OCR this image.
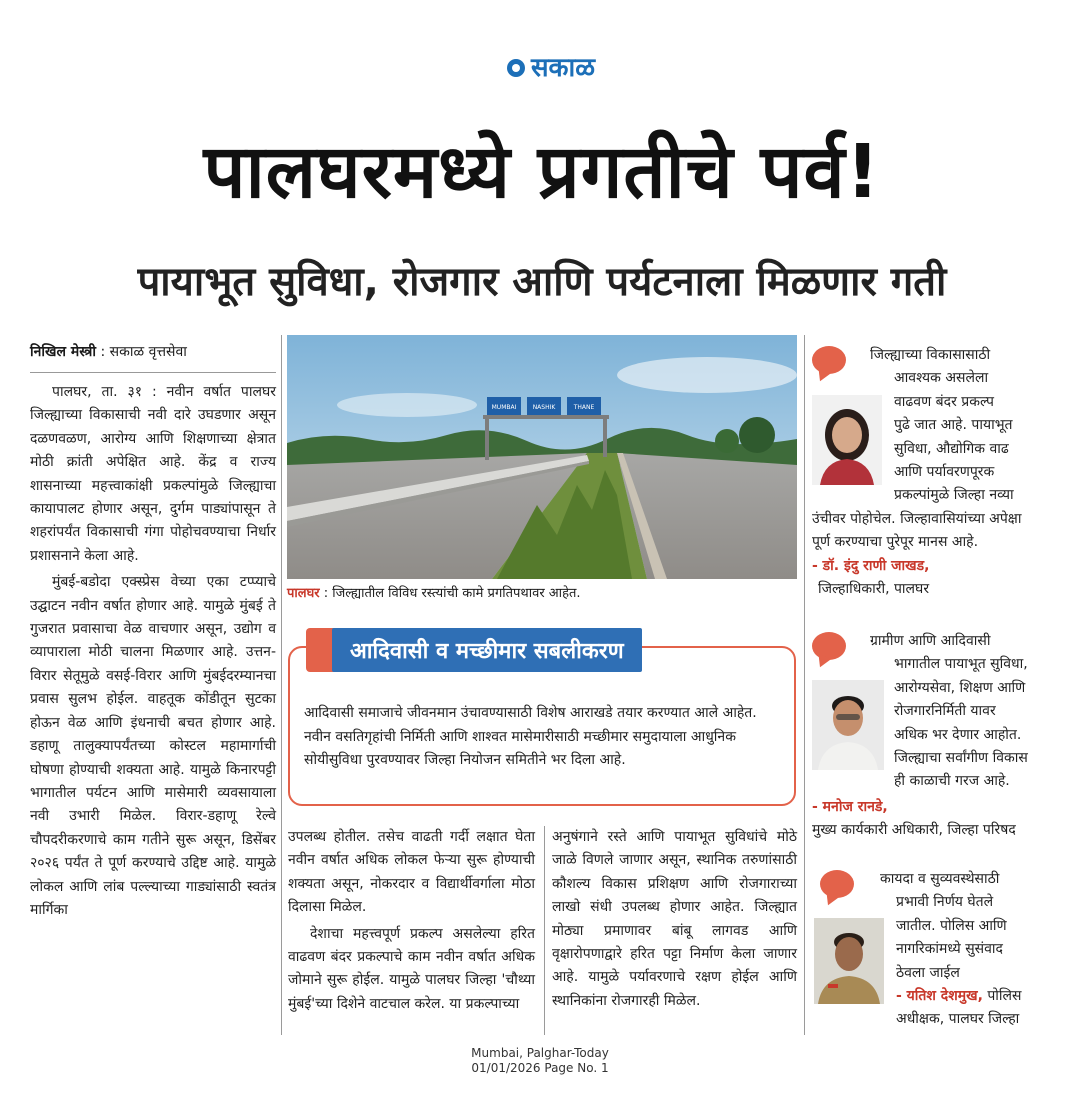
सकाळ
पालघरमध्ये प्रगतीचे पर्व!
पायाभूत सुविधा, रोजगार आणि पर्यटनाला मिळणार गती
निखिल मेस्त्री : सकाळ वृत्तसेवा

पालघर, ता. ३१ : नवीन वर्षात पालघर जिल्ह्याच्या विकासाची नवी दारे उघडणार असून दळणवळण, आरोग्य आणि शिक्षणाच्या क्षेत्रात मोठी क्रांती अपेक्षित आहे. केंद्र व राज्य शासनाच्या महत्त्वाकांक्षी प्रकल्पांमुळे जिल्ह्याचा कायापालट होणार असून, दुर्गम पाड्यांपासून ते शहरांपर्यंत विकासाची गंगा पोहोचवण्याचा निर्धार प्रशासनाने केला आहे.

मुंबई-बडोदा एक्स्प्रेस वेच्या एका टप्प्याचे उद्घाटन नवीन वर्षात होणार आहे. यामुळे मुंबई ते गुजरात प्रवासाचा वेळ वाचणार असून, उद्योग व व्यापाराला मोठी चालना मिळणार आहे. उत्तन-विरार सेतूमुळे वसई-विरार आणि मुंबईदरम्यानचा प्रवास सुलभ होईल. वाहतूक कोंडीतून सुटका होऊन वेळ आणि इंधनाची बचत होणार आहे. डहाणू तालुक्यापर्यंतच्या कोस्टल महामार्गाची घोषणा होण्याची शक्यता आहे. यामुळे किनारपट्टी भागातील पर्यटन आणि मासेमारी व्यवसायाला नवी उभारी मिळेल. विरार-डहाणू रेल्वे चौपदरीकरणाचे काम गतीने सुरू असून, डिसेंबर २०२६ पर्यंत ते पूर्ण करण्याचे उद्दिष्ट आहे. यामुळे लोकल आणि लांब पल्ल्याच्या गाड्यांसाठी स्वतंत्र मार्गिका

MUMBAI	NASHIK	THANE
पालघर : जिल्ह्यातील विविध रस्त्यांची कामे प्रगतिपथावर आहेत.
आदिवासी व मच्छीमार सबलीकरण
आदिवासी समाजाचे जीवनमान उंचावण्यासाठी विशेष आराखडे तयार करण्यात आले आहेत. नवीन वसतिगृहांची निर्मिती आणि शाश्वत मासेमारीसाठी मच्छीमार समुदायाला आधुनिक सोयीसुविधा पुरवण्यावर जिल्हा नियोजन समितीने भर दिला आहे.

उपलब्ध होतील. तसेच वाढती गर्दी लक्षात घेता नवीन वर्षात अधिक लोकल फेऱ्या सुरू होण्याची शक्यता असून, नोकरदार व विद्यार्थीवर्गाला मोठा दिलासा मिळेल.

देशाचा महत्त्वपूर्ण प्रकल्प असलेल्या हरित वाढवण बंदर प्रकल्पाचे काम नवीन वर्षात अधिक जोमाने सुरू होईल. यामुळे पालघर जिल्हा 'चौथ्या मुंबई'च्या दिशेने वाटचाल करेल. या प्रकल्पाच्या

अनुषंगाने रस्ते आणि पायाभूत सुविधांचे मोठे जाळे विणले जाणार असून, स्थानिक तरुणांसाठी कौशल्य विकास प्रशिक्षण आणि रोजगाराच्या लाखो संधी उपलब्ध होणार आहेत. जिल्ह्यात मोठ्या प्रमाणावर बांबू लागवड आणि वृक्षारोपणाद्वारे हरित पट्टा निर्माण केला जाणार आहे. यामुळे पर्यावरणाचे रक्षण होईल आणि स्थानिकांना रोजगारही मिळेल.

जिल्ह्याच्या विकासासाठी
आवश्यक असलेला
वाढवण बंदर प्रकल्प
पुढे जात आहे. पायाभूत
सुविधा, औद्योगिक वाढ
आणि पर्यावरणपूरक
प्रकल्पांमुळे जिल्हा नव्या
उंचीवर पोहोचेल. जिल्हावासियांच्या अपेक्षा
पूर्ण करण्याचा पुरेपूर मानस आहे.
- डॉ. इंदु राणी जाखड,
जिल्हाधिकारी, पालघर
ग्रामीण आणि आदिवासी
भागातील पायाभूत सुविधा,
आरोग्यसेवा, शिक्षण आणि
रोजगारनिर्मिती यावर
अधिक भर देणार आहोत.
जिल्ह्याचा सर्वांगीण विकास
ही काळाची गरज आहे.
- मनोज रानडे,
मुख्य कार्यकारी अधिकारी, जिल्हा परिषद
कायदा व सुव्यवस्थेसाठी
प्रभावी निर्णय घेतले
जातील. पोलिस आणि
नागरिकांमध्ये सुसंवाद
ठेवला जाईल
- यतिश देशमुख, पोलिस
अधीक्षक, पालघर जिल्हा
Mumbai, Palghar-Today
01/01/2026 Page No. 1
